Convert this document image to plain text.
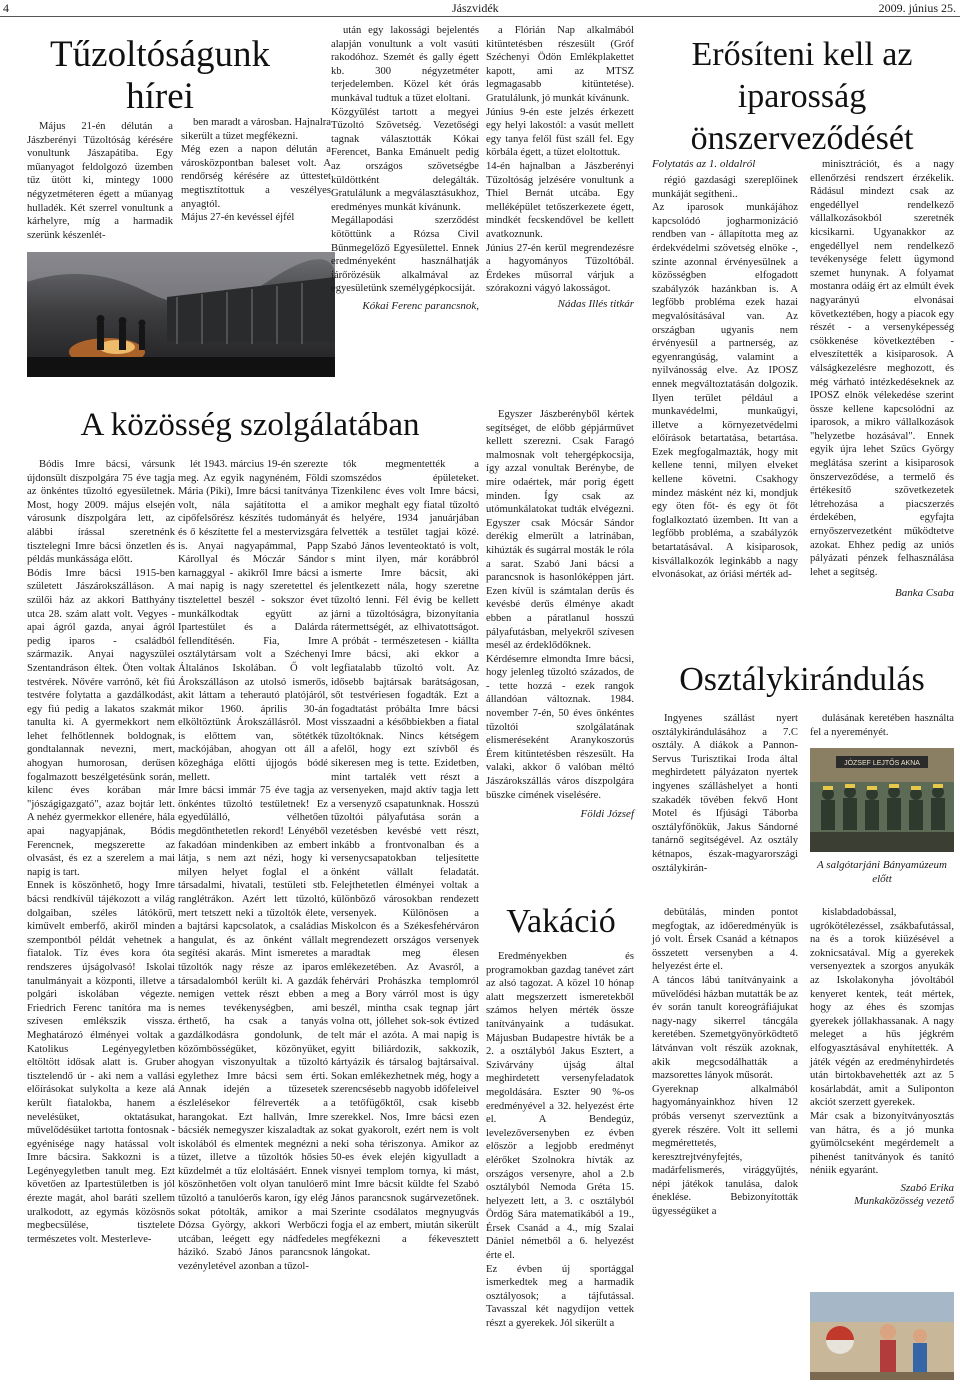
4	Jászvidék	2009. június 25.
Tűzoltóságunk hírei
Május 21-én délután a Jászberényi Tűzoltóság kérésére vonultunk Jászapátiba. Egy műanyagot feldolgozó üzemben tűz ütött ki, mintegy 1000 négyzetméteren égett a műanyag hulladék. Két szerrel vonultunk a kárhelyre, míg a harmadik szerünk készenlét-
ben maradt a városban. Hajnalra sikerült a tüzet megfékezni.
Még ezen a napon délután a városközpontban baleset volt. A rendőrség kérésére az úttestet megtisztítottuk a veszélyes anyagtól.
Május 27-én kevéssel éjfél
után egy lakossági bejelentés alapján vonultunk a volt vasúti rakodóhoz. Szemét és gally égett kb. 300 négyzetméter terjedelemben. Közel két órás munkával tudtuk a tüzet eloltani.
Közgyűlést tartott a megyei Tűzoltó Szövetség. Vezetőségi tagnak választották Kókai Ferencet, Banka Emánuelt pedig az országos szövetségbe küldöttként delegálták. Gratulálunk a megválasztásukhoz, eredményes munkát kívánunk.
Megállapodási szerződést kötöttünk a Rózsa Civil Bűnmegelőző Egyesülettel. Ennek eredményeként használhatják járőrözésük alkalmával az egyesületünk személygépkocsiját.
Kókai Ferenc parancsnok,
a Flórián Nap alkalmából kitüntetésben részesült (Gróf Széchenyi Ödön Emlékplakettet kapott, ami az MTSZ legmagasabb kitüntetése). Gratulálunk, jó munkát kívánunk.
Június 9-én este jelzés érkezett egy helyi lakostól: a vasút mellett egy tanya felől füst száll fel. Egy körbála égett, a tüzet eloltottuk.
14-én hajnalban a Jászberényi Tűzoltóság jelzésére vonultunk a Thiel Bernát utcába. Egy melléképület tetőszerkezete égett, mindkét fecskendővel be kellett avatkoznunk.
Június 27-én kerül megrendezésre a hagyományos Tűzoltóbál. Érdekes műsorral várjuk a szórakozni vágyó lakosságot.
Nádas Illés titkár
A közösség szolgálatában
Bódis Imre bácsi, vársunk újdonsült díszpolgára 75 éve tagja az önkéntes tűzoltó egyesületnek. Most, hogy 2009. május elsején városunk díszpolgára lett, az alábbi írással szeretnénk tisztelegni Imre bácsi önzetlen és példás munkássága előtt.
Bódis Imre bácsi 1915-ben született Jászárokszálláson. A szülői ház az akkori Batthyány utca 28. szám alatt volt. Vegyes - apai ágról gazda, anyai ágról pedig iparos - családból származik. Anyai nagyszülei Szentandráson éltek. Öten voltak testvérek. Nővére varrónő, két fiú testvére folytatta a gazdálkodást, egy fiú pedig a lakatos szakmát tanulta ki. A gyermekkort nem lehet felhőtlennek boldognak, gondtalannak nevezni, mert, ahogyan humorosan, derűsen fogalmazott beszélgetésünk során, kilenc éves korában már "jószágigazgató", azaz bojtár lett. A nehéz gyermekkor ellenére, hála apai nagyapjának, Bódis Ferencnek, megszerette az olvasást, és ez a szerelem a mai napig is tart.
Ennek is köszönhető, hogy Imre bácsi rendkívül tájékozott a világ dolgaiban, széles látókörű, kiművelt emberfő, akiről minden szempontból példát vehetnek a fiatalok. Tíz éves kora óta rendszeres újságolvasó! Iskolai tanulmányait a központi, illetve a polgári iskolában végezte. Friedrich Ferenc tanítóra ma is szívesen emlékszik vissza. Meghatározó élményei voltak a Katolikus Legényegyletben eltöltött idősak alatt is. Gruber tisztelendő úr - aki nem a vallási előírásokat sulykolta a keze alá került fiatalokba, hanem a nevelésüket, oktatásukat, művelődésüket tartotta fontosnak - egyénisége nagy hatással volt Imre bácsira. Sakkozni is a Legényegyletben tanult meg. Ezt követően az Ipartestületben is jól érezte magát, ahol baráti szellem uralkodott, az egymás közösnös megbecsülése, tisztelete természetes volt. Mesterleve-
lét 1943. március 19-én szerezte meg. Az egyik nagynéném, Földi Mária (Piki), Imre bácsi tanítványa volt, nála sajátította el a cipőfelsőrész készítés tudományát és ő készítette fel a mestervizsgára is. Anyai nagyapámmal, Papp Károllyal és Móczár Sándor karnaggyal - akikről Imre bácsi a mai napig is nagy szeretettel és tisztelettel beszél - sokszor évet munkálkodtak együtt az Ipartestület és a Dalárda fellendítésén. Fia, Imre osztálytársam volt a Széchenyi Általános Iskolában. Ő volt Árokszálláson az utolsó ismerős, akit láttam a teherautó platójáról, mikor 1960. április 30-án elköltöztünk Árokszállásról. Most is előttem van, sötétkék mackójában, ahogyan ott áll a közeghága előtti újjogós bódé mellett.
Imre bácsi immár 75 éve tagja az önkéntes tűzoltó testületnek! Ez egyedülálló, vélhetően megdönthetetlen rekord! Lényéből fakadóan mindenkiben az embert látja, s nem azt nézi, hogy ki milyen helyet foglal el a társadalmi, hivatali, testületi stb. ranglétrákon. Azért lett tűzoltó, mert tetszett neki a tűzoltók élete, a bajtársi kapcsolatok, a családias hangulat, és az önként vállalt segítési akarás. Mint ismeretes a tűzoltók nagy része az iparos társadalomból került ki. A gazdák nemigen vettek részt ebben a nemes tevékenységben, ami érthető, ha csak a tanyás gazdálkodásra gondolunk, de közömbösségüket, közönyüket, ahogyan viszonyultak a tűzoltó egylethez Imre bácsi sem érti. Annak idején a tűzesetek észlelésekor félreverték a harangokat. Ezt hallván, Imre bácsiék nemegyszer kiszaladtak az iskolából és elmentek megnézni a tüzet, illetve a tűzoltók hősies küzdelmét a tűz eloltásáért. Ennek köszönhetően volt olyan tanulóerő tűzoltó a tanulóerős karon, így elég sokat pótolták, amikor a mai Dózsa György, akkori Werbőczi utcában, leégett egy nádfedeles házikó. Szabó János parancsnok vezényletével azonban a tűzol-
tók megmentették a szomszédos épületeket. Tizenkilenc éves volt Imre bácsi, amikor meghalt egy fiatal tűzoltó és helyére, 1934 januárjában felvették a testület tagjai közé. Szabó János leventeoktató is volt, s mint ilyen, már korábbról ismerte Imre bácsit, aki jelentkezett nála, hogy szeretne tűzoltó lenni. Fél évig be kellett járni a tűzoltóságra, bizonyítania rátermettségét, az elhivatottságot. A próbát - természetesen - kiállta Imre bácsi, aki ekkor a legfiatalabb tűzoltó volt. Az idősebb bajtársak barátságosan, sőt testvériesen fogadták. Ezt a fogadtatást próbálta Imre bácsi visszaadni a későbbiekben a fiatal tűzoltóknak. Nincs kétségem afelől, hogy ezt szívből és sikeresen meg is tette. Ezidetben, mint tartalék vett részt a versenyeken, majd aktív tagja lett a versenyző csapatunknak. Hosszú tűzoltói pályafutása során a vezetésben kevésbé vett részt, inkább a frontvonalban és a versenycsapatokban teljesítette önként vállalt feladatát. Felejthetetlen élményei voltak a különböző városokban rendezett versenyek. Különösen a Miskolcon és a Székesfehérváron megrendezett országos versenyek maradtak meg élesen emlékezetében. Az Avasról, a fehérvári Prohászka templomról meg a Bory várról most is úgy beszél, mintha csak tegnap járt volna ott, jóllehet sok-sok évtized telt már el azóta. A mai napig is egyitt biliárdozik, sakkozik, kártyázik és társalog bajtársaival. Sokan emlékezhetnek még, hogy a szerencsésebb nagyobb időfeleivel a tetőfügőktől, csak kisebb szerekkel. Nos, Imre bácsi ezen sokat gyakorolt, ezért nem is volt neki soha tériszonya. Amikor az 50-es évek elején kigyulladt a visnyei templom tornya, ki mást, mint Imre bácsit küldte fel Szabó János parancsnok sugárvezetőnek. Szerinte csodálatos megnyugvás fogja el az embert, miután sikerült megfékezni a fékevesztett lángokat.
Egyszer Jászberényből kértek segítséget, de előbb gépjárművet kellett szerezni. Csak Faragó malmosnak volt tehergépkocsija, így azzal vonultak Berénybe, de mire odaértek, már porig égett minden. Így csak az utómunkálatokat tudták elvégezni. Egyszer csak Mócsár Sándor derékig elmerült a latrinában, kihúzták és sugárral mosták le róla a sarat. Szabó Jani bácsi a parancsnok is hasonlóképpen járt. Ezen kívül is számtalan derűs és kevésbé derűs élménye akadt ebben a páratlanul hosszú pályafutásban, melyekről szívesen mesél az érdeklődőknek.
Kérdésemre elmondta Imre bácsi, hogy jelenleg tűzoltó százados, de - tette hozzá - ezek rangok állandóan változnak. 1984. november 7-én, 50 éves önkéntes tűzoltói szolgálatának elismeréseként Aranykoszorús Érem kitüntetésben részesült. Ha valaki, akkor ő valóban méltó Jászárokszállás város díszpolgára büszke címének viselésére.
Földi József
Vakáció
Eredményekben és programokban gazdag tanévet zárt az alsó tagozat. A közel 10 hónap alatt megszerzett ismeretekből számos helyen mérték össze tanítványaink a tudásukat. Májusban Budapestre hívták be a 2. a osztályból Jakus Esztert, a Szivárvány újság által meghirdetett versenyfeladatok megoldására. Eszter 90 %-os eredményével a 32. helyezést érte el. A Bendegúz, levelezőversenyben ez évben először a legjobb eredményt elérőket Szolnokra hívták az országos versenyre, ahol a 2.b osztályból Nemoda Gréta 15. helyezett lett, a 3. c osztályból Ördög Sára matematikából a 19., Érsek Csanád a 4., míg Szalai Dániel németből a 6. helyezést érte el.
Ez évben új sportággal ismerkedtek meg a harmadik osztályosok; a tájfutással. Tavasszal két nagydíjon vettek részt a gyerekek. Jól sikerült a
debütálás, minden pontot megfogtak, az időeredményük is jó volt. Érsek Csanád a kétnapos összetett versenyben a 4. helyezést érte el.
A táncos lábú tanítványaink a művelődési házban mutatták be az év során tanult koreográfiájukat nagy-nagy sikerrel táncgála keretében. Szemetgyönyörködtető látvánvan volt részük azoknak, akik megcsodálhatták a mazsorettes lányok műsorát.
Gyereknap alkalmából hagyományainkhoz híven 12 próbás versenyt szerveztünk a gyerek részére. Volt itt sellemi megmérettetés, keresztrejtvényfejtés, madárfelismerés, virággyűjtés, népi játékok tanulása, dalok éneklése. Bebizonyították ügyességüket a
kislabdadobással, ugrókötélezéssel, zsákbafutással, na és a torok kiüzésével a zoknicsatával. Míg a gyerekek versenyeztek a szorgos anyukák az Iskolakonyha jóvoltából kenyeret kentek, teát mértek, hogy az éhes és szomjas gyerekek jóllakhassanak. A nagy meleget a hűs jégkrém elfogyasztásával enyhítették. A játék végén az eredményhirdetés után birtokbavehették azt az 5 kosárlabdát, amit a Suliponton akciót szerzett gyerekek.
Már csak a bizonyítványosztás van hátra, és a jó munka gyümölcseként megérdemelt a pihenést tanítványok és tanító néniik egyaránt.
Szabó Erika
Munkaközösség vezető
Erősíteni kell az iparosság önszerveződését
Folytatás az 1. oldalról
régió gazdasági szereplőinek munkáját segítheni..
Az iparosok munkájához kapcsolódó jogharmonizáció rendben van - állapította meg az érdekvédelmi szövetség elnöke -, szinte azonnal érvényesülnek a közösségben elfogadott szabályzók hazánkban is. A legfőbb probléma ezek hazai megvalósításával van. Az országban ugyanis nem érvényesül a partnerség, az egyenrangúság, valamint a nyilvánosság elve. Az IPOSZ ennek megváltoztatásán dolgozik. Ilyen terület például a munkavédelmi, munkaügyi, illetve a környezetvédelmi előírások betartatása, betartása. Ezek megfogalmazták, hogy mit kellene tenni, milyen elveket kellene követni. Csakhogy mindez másként néz ki, mondjuk egy öten főt- és egy öt főt foglalkoztató üzemben. Itt van a legfőbb probléma, a szabályzók betartatásával. A kisiparosok, kisvállalkozók leginkább a nagy elvonásokat, az óriási mérték ad-
minisztrációt, és a nagy ellenőrzési rendszert érzékelik. Rádásul mindezt csak az engedéllyel rendelkező vállalkozásokból szeretnék kicsikarni. Ugyanakkor az engedéllyel nem rendelkező tevékenysége felett ügymond szemet hunynak. A folyamat mostanra odáig ért az elmúlt évek nagyarányú elvonásai következtében, hogy a piacok egy részét - a versenyképesség csökkenése következtében - elveszítették a kisiparosok. A válságkezelésre meghozott, és még várható intézkedéseknek az IPOSZ elnök vélekedése szerint össze kellene kapcsolódni az iparosok, a mikro vállalkozások "helyzetbe hozásával". Ennek egyik újra lehet Szűcs György meglátása szerint a kisiparosok önszerveződése, a termelő és értékesítő szövetkezetek létrehozása a piacszerzés érdekében, egyfajta ernyőszervezetként működtetve azokat. Ehhez pedig az uniós pályázati pénzek felhasználása lehet a segítség.
Banka Csaba
Osztálykirándulás
Ingyenes szállást nyert osztálykirándulásához a 7.C osztály. A diákok a Pannon-Servus Turisztikai Iroda által meghirdetett pályázaton nyertek ingyenes szálláshelyet a honti szakadék tövében fekvő Hont Motel és Ifjúsági Táborba osztályfőnökük, Jakus Sándorné tanárnő segítségével. Az osztály kétnapos, észak-magyarországi osztálykirán-
dulásának keretében használta fel a nyereményét.
JÓZSEF LEJTŐS AKNA
A salgótarjáni Bányamúzeum előtt
